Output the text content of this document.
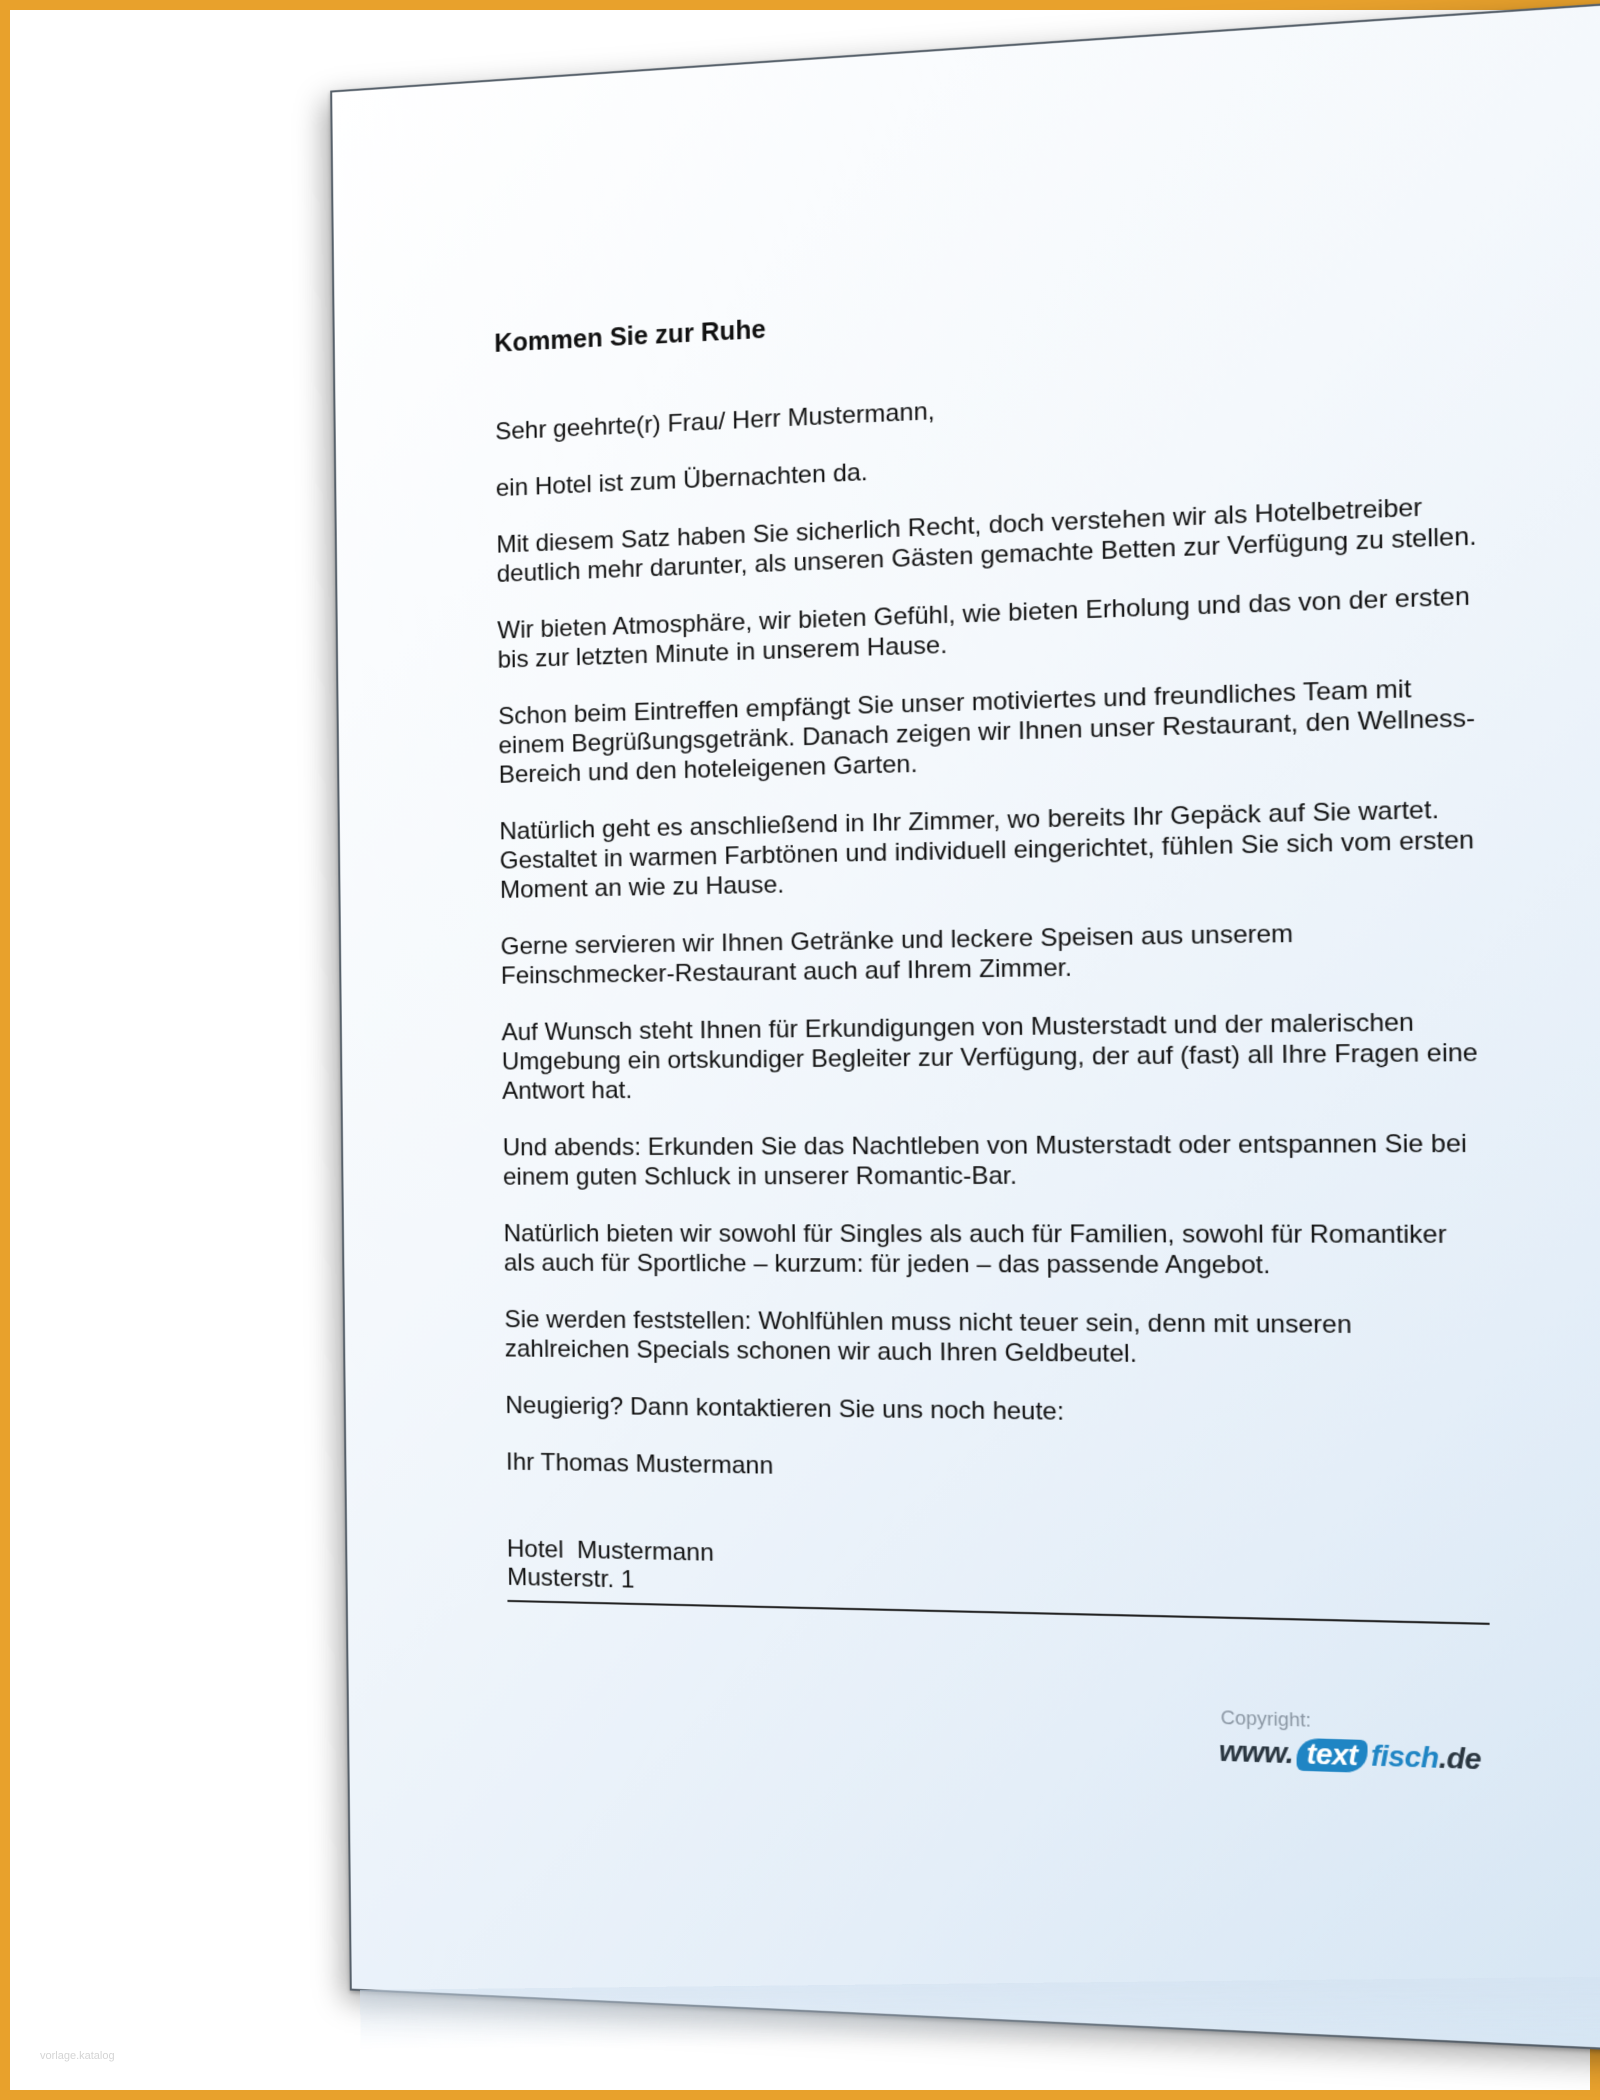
Kommen Sie zur Ruhe
Sehr geehrte(r) Frau/ Herr Mustermann,
ein Hotel ist zum Übernachten da.
Mit diesem Satz haben Sie sicherlich Recht, doch verstehen wir als Hotelbetreiber deutlich mehr darunter, als unseren Gästen gemachte Betten zur Verfügung zu stellen.
Wir bieten Atmosphäre, wir bieten Gefühl, wie bieten Erholung und das von der ersten bis zur letzten Minute in unserem Hause.
Schon beim Eintreffen empfängt Sie unser motiviertes und freundliches Team mit einem Begrüßungsgetränk. Danach zeigen wir Ihnen unser Restaurant, den Wellness-Bereich und den hoteleigenen Garten.
Natürlich geht es anschließend in Ihr Zimmer, wo bereits Ihr Gepäck auf Sie wartet. Gestaltet in warmen Farbtönen und individuell eingerichtet, fühlen Sie sich vom ersten Moment an wie zu Hause.
Gerne servieren wir Ihnen Getränke und leckere Speisen aus unserem Feinschmecker-Restaurant auch auf Ihrem Zimmer.
Auf Wunsch steht Ihnen für Erkundigungen von Musterstadt und der malerischen Umgebung ein ortskundiger Begleiter zur Verfügung, der auf (fast) all Ihre Fragen eine Antwort hat.
Und abends: Erkunden Sie das Nachtleben von Musterstadt oder entspannen Sie bei einem guten Schluck in unserer Romantic-Bar.
Natürlich bieten wir sowohl für Singles als auch für Familien, sowohl für Romantiker als auch für Sportliche – kurzum: für jeden – das passende Angebot.
Sie werden feststellen: Wohlfühlen muss nicht teuer sein, denn mit unseren zahlreichen Specials schonen wir auch Ihren Geldbeutel.
Neugierig? Dann kontaktieren Sie uns noch heute:
Ihr Thomas Mustermann
Hotel  Mustermann
Musterstr. 1
Copyright:
www. text fisch .de
vorlage.katalog
